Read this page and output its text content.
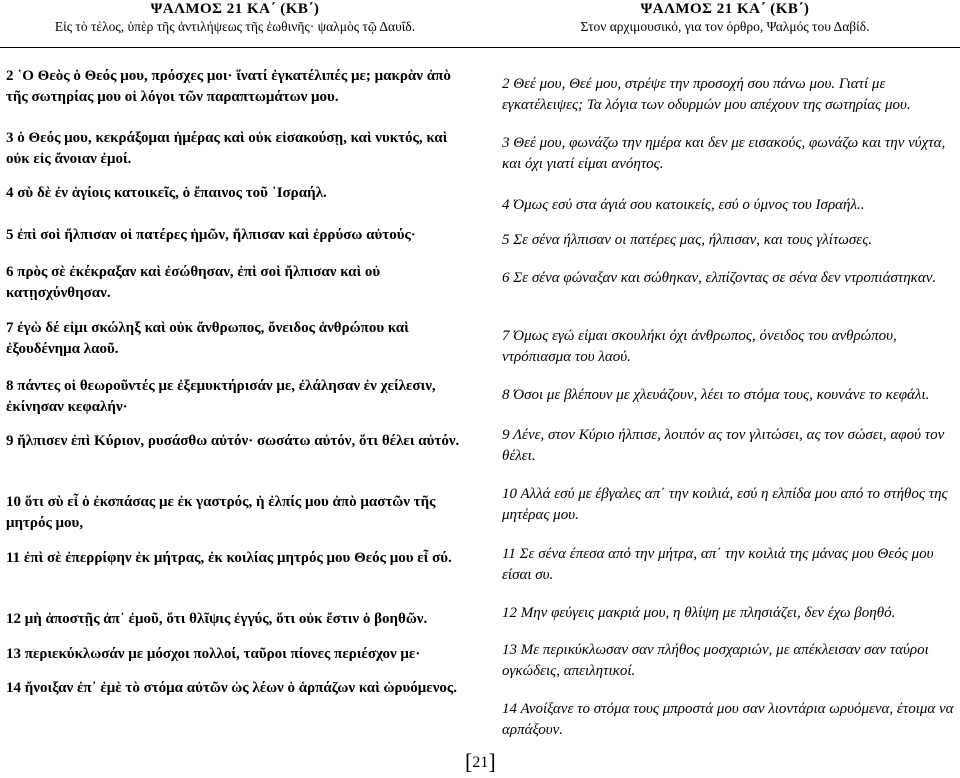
ΨΑΛΜΟΣ 21 ΚΑ΄ (ΚΒ΄)
Εἰς τὸ τέλος, ὑπὲρ τῆς ἀντιλήψεως τῆς ἑωθινῆς· ψαλμὸς τῷ Δαυΐδ.
ΨΑΛΜΟΣ 21 ΚΑ΄ (ΚΒ΄)
Στον αρχιμουσικό, για τον όρθρο, Ψαλμός του Δαβίδ.
2 ῾Ο Θεὸς ὁ Θεός μου, πρόσχες μοι· ἵνατί ἐγκατέλιπές με; μακρὰν ἀπὸ τῆς σωτηρίας μου οἱ λόγοι τῶν παραπτωμάτων μου.
3 ὁ Θεός μου, κεκράξομαι ἡμέρας καὶ οὐκ εἰσακούσῃ, καὶ νυκτός, καὶ οὐκ εἰς ἄνοιαν ἐμοί.
4 σὺ δὲ ἐν ἁγίοις κατοικεῖς, ὁ ἔπαινος τοῦ ᾿Ισραήλ.
5 ἐπὶ σοὶ ἤλπισαν οἱ πατέρες ἡμῶν, ἤλπισαν καὶ ἐρρύσω αὐτούς·
6 πρὸς σὲ ἐκέκραξαν καὶ ἐσώθησαν, ἐπὶ σοὶ ἤλπισαν καὶ οὐ κατῃσχύνθησαν.
7 ἐγὼ δέ εἰμι σκώληξ καὶ οὐκ ἄνθρωπος, ὄνειδος ἀνθρώπου καὶ ἐξουδένημα λαοῦ.
8 πάντες οἱ θεωροῦντές με ἐξεμυκτήρισάν με, ἐλάλησαν ἐν χείλεσιν, ἐκίνησαν κεφαλήν·
9 ἤλπισεν ἐπὶ Κύριον, ρυσάσθω αὐτόν· σωσάτω αὐτόν, ὅτι θέλει αὐτόν.
10 ὅτι σὺ εἶ ὁ ἐκσπάσας με ἐκ γαστρός, ἡ ἐλπίς μου ἀπὸ μαστῶν τῆς μητρός μου,
11 ἐπὶ σὲ ἐπερρίφην ἐκ μήτρας, ἐκ κοιλίας μητρός μου Θεός μου εἶ σύ.
12 μὴ ἀποστῇς ἀπ᾿ ἐμοῦ, ὅτι θλῖψις ἐγγύς, ὅτι οὐκ ἔστιν ὁ βοηθῶν.
13 περιεκύκλωσάν με μόσχοι πολλοί, ταῦροι πίονες περιέσχον με·
14 ἤνοιξαν ἐπ᾿ ἐμὲ τὸ στόμα αὐτῶν ὡς λέων ὁ ἁρπάζων καὶ ὠρυόμενος.
2 Θεέ μου, Θεέ μου, στρέψε την προσοχή σου πάνω μου. Γιατί με εγκατέλειψες; Τα λόγια των οδυρμών μου απέχουν της σωτηρίας μου.
3 Θεέ μου, φωνάζω την ημέρα και δεν με εισακούς, φωνάζω και την νύχτα, και όχι γιατί είμαι ανόητος.
4 Όμως εσύ στα άγιά σου κατοικείς, εσύ ο ύμνος του Ισραήλ..
5 Σε σένα ήλπισαν οι πατέρες μας, ήλπισαν, και τους γλίτωσες.
6 Σε σένα φώναξαν και σώθηκαν, ελπίζοντας σε σένα δεν ντροπιάστηκαν.
7 Όμως εγώ είμαι σκουλήκι όχι άνθρωπος, όνειδος του ανθρώπου, ντρόπιασμα του λαού.
8 Όσοι με βλέπουν με χλευάζουν, λέει το στόμα τους, κουνάνε το κεφάλι.
9 Λένε, στον Κύριο ήλπισε, λοιπόν ας τον γλιτώσει, ας τον σώσει, αφού τον θέλει.
10 Αλλά εσύ με έβγαλες απ΄ την κοιλιά, εσύ η ελπίδα μου από το στήθος της μητέρας μου.
11 Σε σένα έπεσα από την μήτρα, απ΄ την κοιλιά της μάνας μου Θεός μου είσαι συ.
12 Μην φεύγεις μακριά μου, η θλίψη με πλησιάζει, δεν έχω βοηθό.
13 Με περικύκλωσαν σαν πλήθος μοσχαριών, με απέκλεισαν σαν ταύροι ογκώδεις, απειλητικοί.
14 Ανοίξανε το στόμα τους μπροστά μου σαν λιοντάρια ωρυόμενα, έτοιμα να αρπάξουν.
[21]
